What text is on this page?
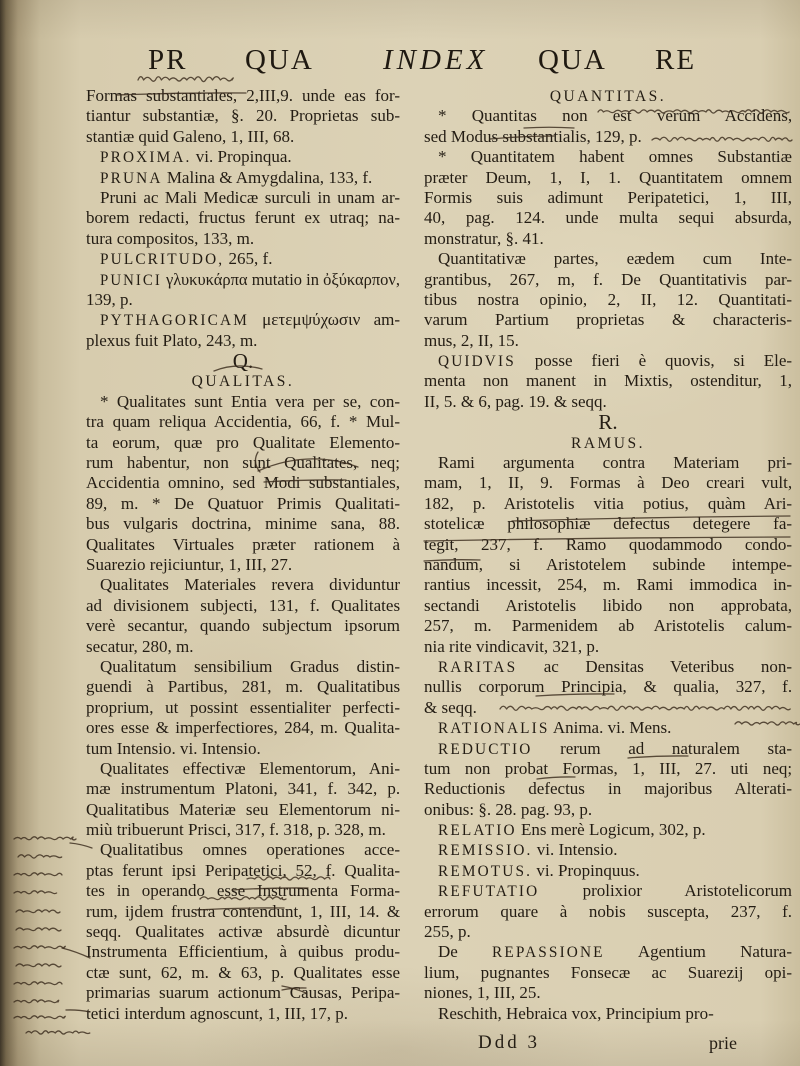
PR QUA INDEX QUA RE
Formas substantiales, 2,III,9. unde eas for-
tiantur substantiæ, §. 20. Proprietas sub-
stantiæ quid Galeno, 1, III, 68.
PROXIMA. vi. Propinqua.
PRUNA Malina & Amygdalina, 133, f.
Pruni ac Mali Medicæ surculi in unam ar-
borem redacti, fructus ferunt ex utraq; na-
tura compositos, 133, m.
PULCRITUDO, 265, f.
PUNICI γλυκυκάρπα mutatio in ὀξύκαρπον,
139, p.
PYTHAGORICAM μετεμψύχωσιν am-
plexus fuit Plato, 243, m.
Q.
QUALITAS.
* Qualitates sunt Entia vera per se, con-
tra quam reliqua Accidentia, 66, f. * Mul-
ta eorum, quæ pro Qualitate Elemento-
rum habentur, non sunt Qualitates, neq;
Accidentia omnino, sed Modi substantiales,
89, m. * De Quatuor Primis Qualitati-
bus vulgaris doctrina, minime sana, 88.
Qualitates Virtuales præter rationem à
Suarezio rejiciuntur, 1, III, 27.
Qualitates Materiales revera dividuntur
ad divisionem subjecti, 131, f. Qualitates
verè secantur, quando subjectum ipsorum
secatur, 280, m.
Qualitatum sensibilium Gradus distin-
guendi à Partibus, 281, m. Qualitatibus
proprium, ut possint essentialiter perfecti-
ores esse & imperfectiores, 284, m. Qualita-
tum Intensio. vi. Intensio.
Qualitates effectivæ Elementorum, Ani-
mæ instrumentum Platoni, 341, f. 342, p.
Qualitatibus Materiæ seu Elementorum ni-
miù tribuerunt Prisci, 317, f. 318, p. 328, m.
Qualitatibus omnes operationes acce-
ptas ferunt ipsi Peripatetici, 52, f. Qualita-
tes in operando esse Instrumenta Forma-
rum, ijdem frustra contendunt, 1, III, 14. &
seqq. Qualitates activæ absurdè dicuntur
Instrumenta Efficientium, à quibus produ-
ctæ sunt, 62, m. & 63, p. Qualitates esse
primarias suarum actionum Causas, Peripa-
tetici interdum agnoscunt, 1, III, 17, p.
QUANTITAS.
* Quantitas non est verum Accidens,
sed Modus substantialis, 129, p.
* Quantitatem habent omnes Substantiæ
præter Deum, 1, I, 1. Quantitatem omnem
Formis suis adimunt Peripatetici, 1, III,
40, pag. 124. unde multa sequi absurda,
monstratur, §. 41.
Quantitativæ partes, eædem cum Inte-
grantibus, 267, m, f. De Quantitativis par-
tibus nostra opinio, 2, II, 12. Quantitati-
varum Partium proprietas & characteris-
mus, 2, II, 15.
QUIDVIS posse fieri è quovis, si Ele-
menta non manent in Mixtis, ostenditur, 1,
II, 5. & 6, pag. 19. & seqq.
R.
RAMUS.
Rami argumenta contra Materiam pri-
mam, 1, II, 9. Formas à Deo creari vult,
182, p. Aristotelis vitia potius, quàm Ari-
stotelicæ philosophiæ defectus detegere fa-
tegit, 237, f. Ramo quodammodo condo-
nandum, si Aristotelem subinde intempe-
rantius incessit, 254, m. Rami immodica in-
sectandi Aristotelis libido non approbata,
257, m. Parmenidem ab Aristotelis calum-
nia rite vindicavit, 321, p.
RARITAS ac Densitas Veteribus non-
nullis corporum Principia, & qualia, 327, f.
& seqq.
RATIONALIS Anima. vi. Mens.
REDUCTIO rerum ad naturalem sta-
tum non probat Formas, 1, III, 27. uti neq;
Reductionis defectus in majoribus Alterati-
onibus: §. 28. pag. 93, p.
RELATIO Ens merè Logicum, 302, p.
REMISSIO. vi. Intensio.
REMOTUS. vi. Propinquus.
REFUTATIO	prolixior Aristotelicorum
errorum quare à nobis suscepta, 237, f.
255, p.
De REPASSIONE Agentium Natura-
lium, pugnantes Fonsecæ ac Suarezij opi-
niones, 1, III, 25.
Reschith, Hebraica vox, Principium pro-
Ddd 3	prie
